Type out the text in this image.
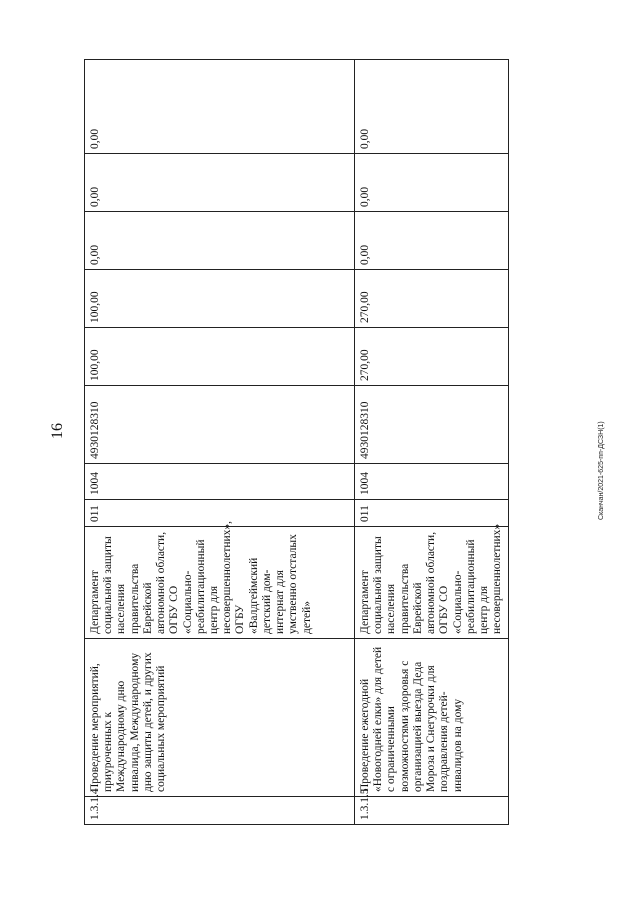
16	Сканчан/2021-625-пп-ДСЗН(1)
1.3.1.4	Проведение мероприятий, приуроченных к Международному дню инвалида, Международному дню защиты детей, и других социальных мероприятий	Департамент социальной защиты населения правительства Еврейской автономной области, ОГБУ СО «Социально-реабилитационный центр для несовершеннолетних», ОГБУ «Валдгеймский детский дом-интернат для умственно отсталых детей»	011	1004	4930128310	100,00	100,00	0,00	0,00	0,00
1.3.1.5	Проведение ежегодной «Новогодней елки» для детей с ограниченными возможностями здоровья с организацией выезда Деда Мороза и Снегурочки для поздравления детей-инвалидов на дому	Департамент социальной защиты населения правительства Еврейской автономной области, ОГБУ СО «Социально-реабилитационный центр для несовершеннолетних»	011	1004	4930128310	270,00	270,00	0,00	0,00	0,00
